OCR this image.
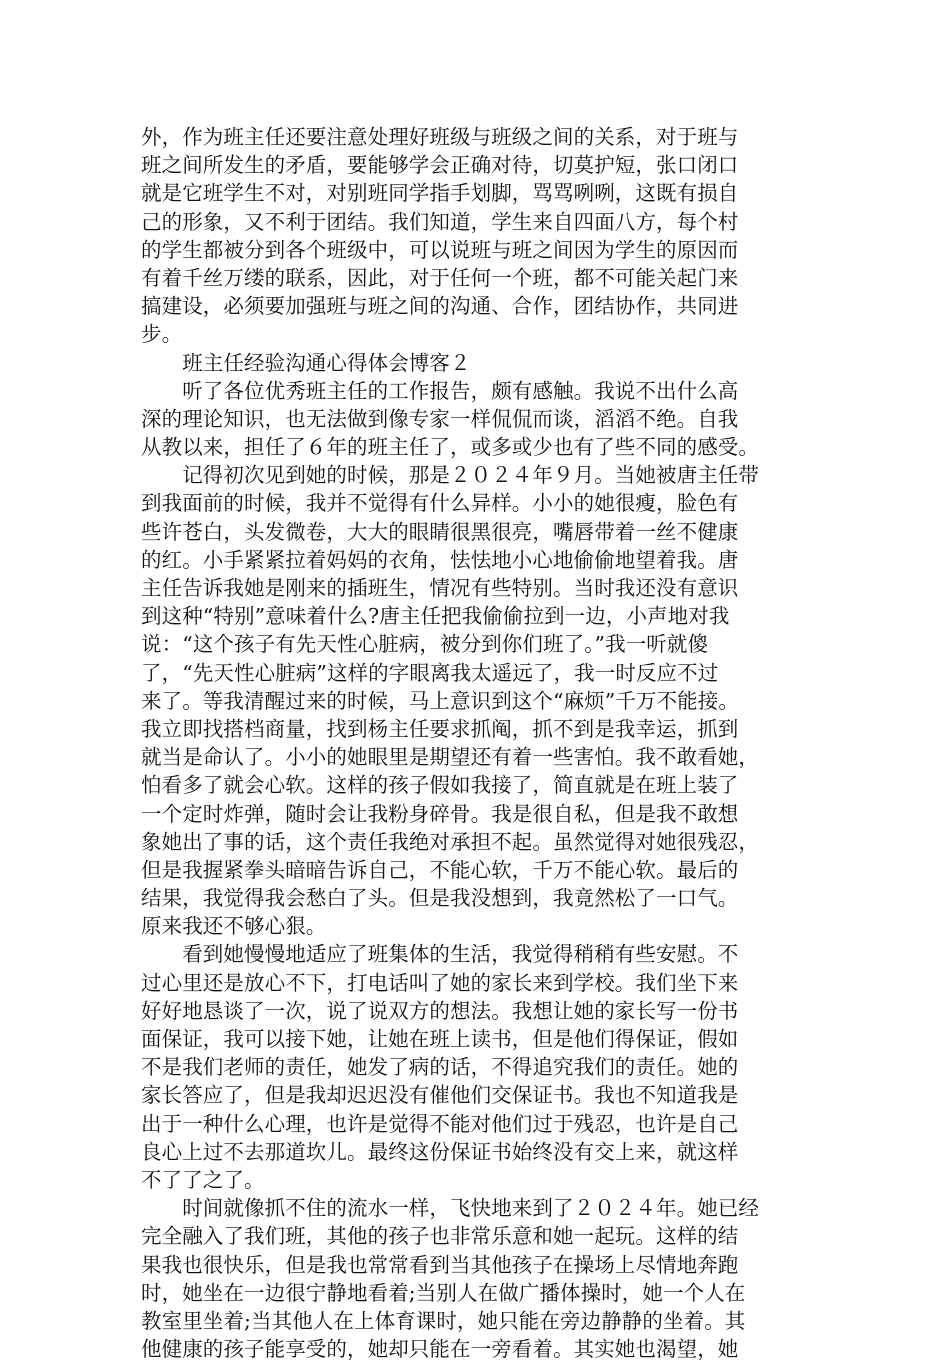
外，作为班主任还要注意处理好班级与班级之间的关系，对于班与
班之间所发生的矛盾，要能够学会正确对待，切莫护短，张口闭口
就是它班学生不对，对别班同学指手划脚，骂骂咧咧，这既有损自
己的形象，又不利于团结。我们知道，学生来自四面八方，每个村
的学生都被分到各个班级中，可以说班与班之间因为学生的原因而
有着千丝万缕的联系，因此，对于任何一个班，都不可能关起门来
搞建设，必须要加强班与班之间的沟通、合作，团结协作，共同进
步。
　　班主任经验沟通心得体会博客２
　　听了各位优秀班主任的工作报告，颇有感触。我说不出什么高
深的理论知识，也无法做到像专家一样侃侃而谈，滔滔不绝。自我
从教以来，担任了６年的班主任了，或多或少也有了些不同的感受。
　　记得初次见到她的时候，那是２０２４年９月。当她被唐主任带
到我面前的时候，我并不觉得有什么异样。小小的她很瘦，脸色有
些许苍白，头发微卷，大大的眼睛很黑很亮，嘴唇带着一丝不健康
的红。小手紧紧拉着妈妈的衣角，怯怯地小心地偷偷地望着我。唐
主任告诉我她是刚来的插班生，情况有些特别。当时我还没有意识
到这种“特别”意味着什么?唐主任把我偷偷拉到一边，小声地对我
说：“这个孩子有先天性心脏病，被分到你们班了。”我一听就傻
了，“先天性心脏病”这样的字眼离我太遥远了，我一时反应不过
来了。等我清醒过来的时候，马上意识到这个“麻烦”千万不能接。
我立即找搭档商量，找到杨主任要求抓阄，抓不到是我幸运，抓到
就当是命认了。小小的她眼里是期望还有着一些害怕。我不敢看她，
怕看多了就会心软。这样的孩子假如我接了，简直就是在班上装了
一个定时炸弹，随时会让我粉身碎骨。我是很自私，但是我不敢想
象她出了事的话，这个责任我绝对承担不起。虽然觉得对她很残忍，
但是我握紧拳头暗暗告诉自己，不能心软，千万不能心软。最后的
结果，我觉得我会愁白了头。但是我没想到，我竟然松了一口气。
原来我还不够心狠。
　　看到她慢慢地适应了班集体的生活，我觉得稍稍有些安慰。不
过心里还是放心不下，打电话叫了她的家长来到学校。我们坐下来
好好地恳谈了一次，说了说双方的想法。我想让她的家长写一份书
面保证，我可以接下她，让她在班上读书，但是他们得保证，假如
不是我们老师的责任，她发了病的话，不得追究我们的责任。她的
家长答应了，但是我却迟迟没有催他们交保证书。我也不知道我是
出于一种什么心理，也许是觉得不能对他们过于残忍，也许是自己
良心上过不去那道坎儿。最终这份保证书始终没有交上来，就这样
不了了之了。
　　时间就像抓不住的流水一样，飞快地来到了２０２４年。她已经
完全融入了我们班，其他的孩子也非常乐意和她一起玩。这样的结
果我也很快乐，但是我也常常看到当其他孩子在操场上尽情地奔跑
时，她坐在一边很宁静地看着;当别人在做广播体操时，她一个人在
教室里坐着;当其他人在上体育课时，她只能在旁边静静的坐着。其
他健康的孩子能享受的，她却只能在一旁看着。其实她也渴望，她
